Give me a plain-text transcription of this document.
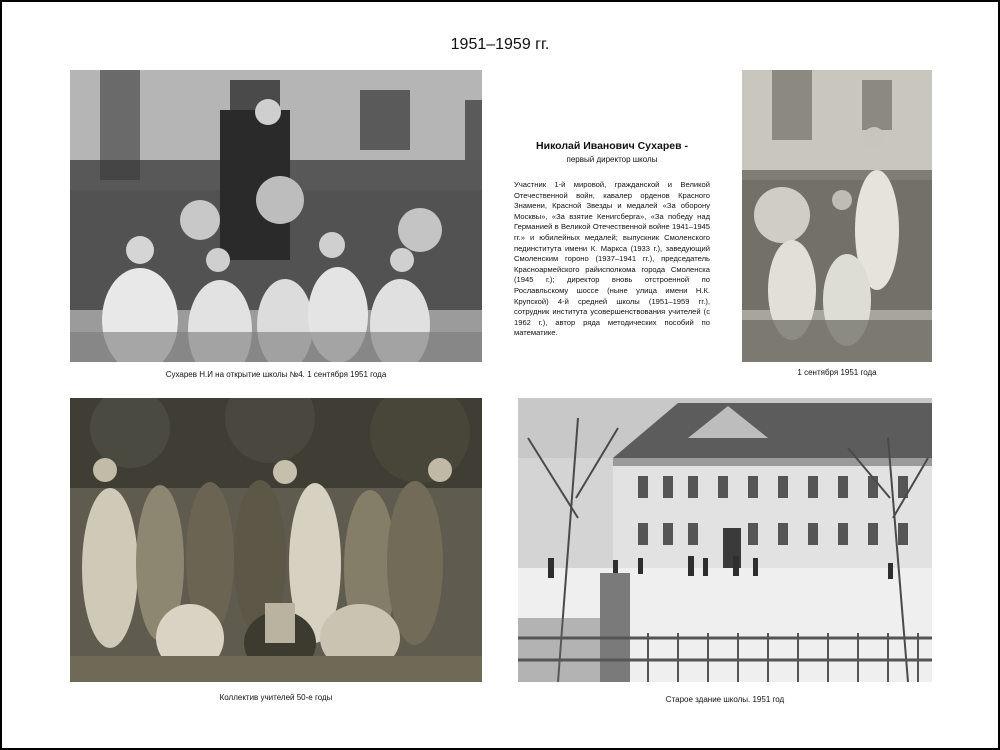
1951–1959 гг.
Сухарев Н.И на открытие школы №4. 1 сентября 1951 года
Николай Иванович Сухарев -
первый директор школы
Участник 1-й мировой, гражданской и Великой Отечественной войн, кавалер орденов Красного Знамени, Красной Звезды и медалей «За оборону Москвы», «За взятие Кенигсберга», «За победу над Германией в Великой Отечественной войне 1941–1945 гг.» и юбилейных медалей; выпускник Смоленского пединститута имени К. Маркса (1933 г.), заведующий Смоленским гороно (1937–1941 гг.), председатель Красноармейского райисполкома города Смоленска (1945 г.); директор вновь отстроенной по Рославльскому шоссе (ныне улица имени Н.К. Крупской) 4-й средней школы (1951–1959 гг.), сотрудник института усовершенствования учителей (с 1962 г.), автор ряда методических пособий по математике.
1 сентября 1951 года
Коллектив учителей 50-е годы	Старое здание школы. 1951 год
